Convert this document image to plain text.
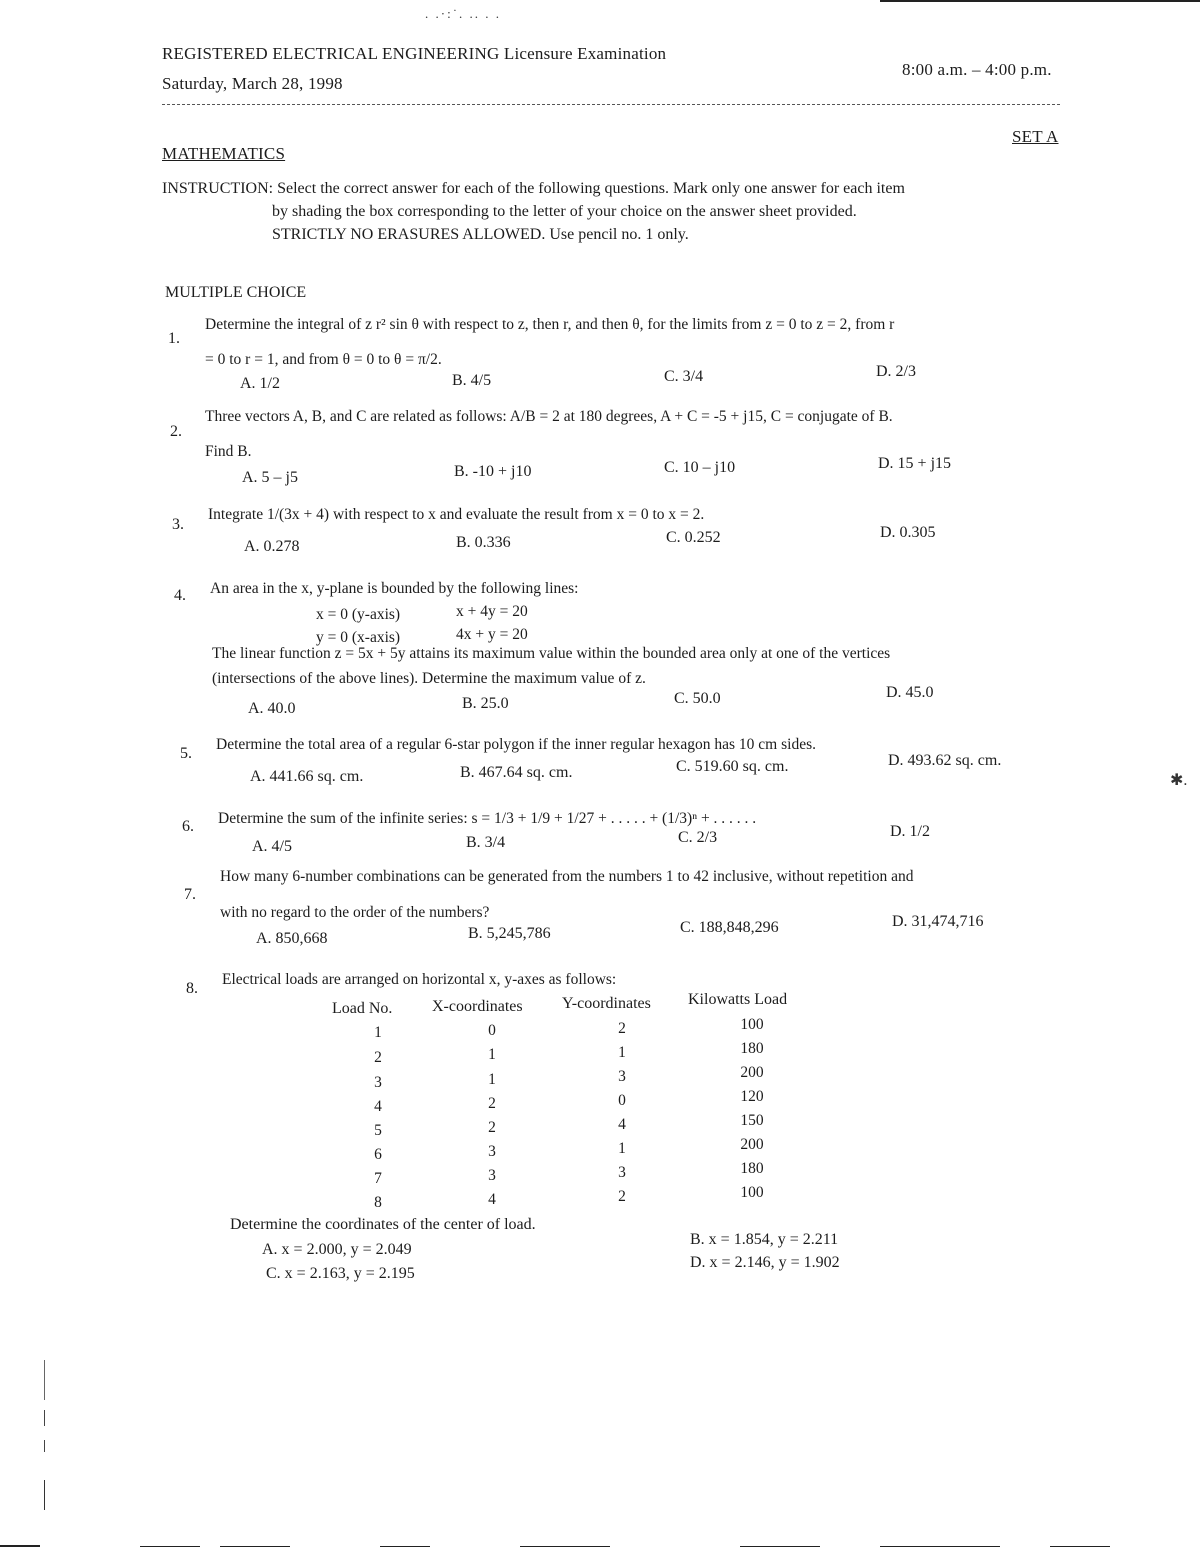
. .·:˙. .. . .
✱.
REGISTERED ELECTRICAL ENGINEERING Licensure Examination
Saturday, March 28, 1998
8:00 a.m. – 4:00 p.m.
SET A
MATHEMATICS
INSTRUCTION: Select the correct answer for each of the following questions. Mark only one answer for each item
by shading the box corresponding to the letter of your choice on the answer sheet provided.
STRICTLY NO ERASURES ALLOWED. Use pencil no. 1 only.
MULTIPLE CHOICE
1.
Determine the integral of z r² sin θ with respect to z, then r, and then θ, for the limits from z = 0 to z = 2, from r
= 0 to r = 1, and from θ = 0 to θ = π/2.
A. 1/2	B. 4/5	C. 3/4	D. 2/3
2.
Three vectors A, B, and C are related as follows: A/B = 2 at 180 degrees, A + C = -5 + j15, C = conjugate of B.
Find B.
A. 5 – j5	B. -10 + j10	C. 10 – j10	D. 15 + j15
3.
Integrate 1/(3x + 4) with respect to x and evaluate the result from x = 0 to x = 2.
A. 0.278	B. 0.336	C. 0.252	D. 0.305
4. An area in the x, y-plane is bounded by the following lines:
x = 0 (y-axis)	x + 4y = 20
y = 0 (x-axis)	4x + y = 20
The linear function z = 5x + 5y attains its maximum value within the bounded area only at one of the vertices
(intersections of the above lines). Determine the maximum value of z.
A. 40.0	B. 25.0	C. 50.0	D. 45.0
5.
Determine the total area of a regular 6-star polygon if the inner regular hexagon has 10 cm sides.
A. 441.66 sq. cm.	B. 467.64 sq. cm.	C. 519.60 sq. cm.	D. 493.62 sq. cm.
6. Determine the sum of the infinite series: s = 1/3 + 1/9 + 1/27 + . . . . . + (1/3)ⁿ + . . . . . .
A. 4/5	B. 3/4	C. 2/3	D. 1/2
7.
How many 6-number combinations can be generated from the numbers 1 to 42 inclusive, without repetition and
with no regard to the order of the numbers?
A. 850,668	B. 5,245,786	C. 188,848,296	D. 31,474,716
8.
Electrical loads are arranged on horizontal x, y-axes as follows:
Load No. X-coordinates Y-coordinates Kilowatts Load
1	0	2	100
2	1	1	180
3	1	3	200
4	2	0	120
5	2	4	150
6	3	1	200
7	3	3	180
8	4	2	100
Determine the coordinates of the center of load.
A. x = 2.000, y = 2.049
B. x = 1.854, y = 2.211
C. x = 2.163, y = 2.195
D. x = 2.146, y = 1.902
